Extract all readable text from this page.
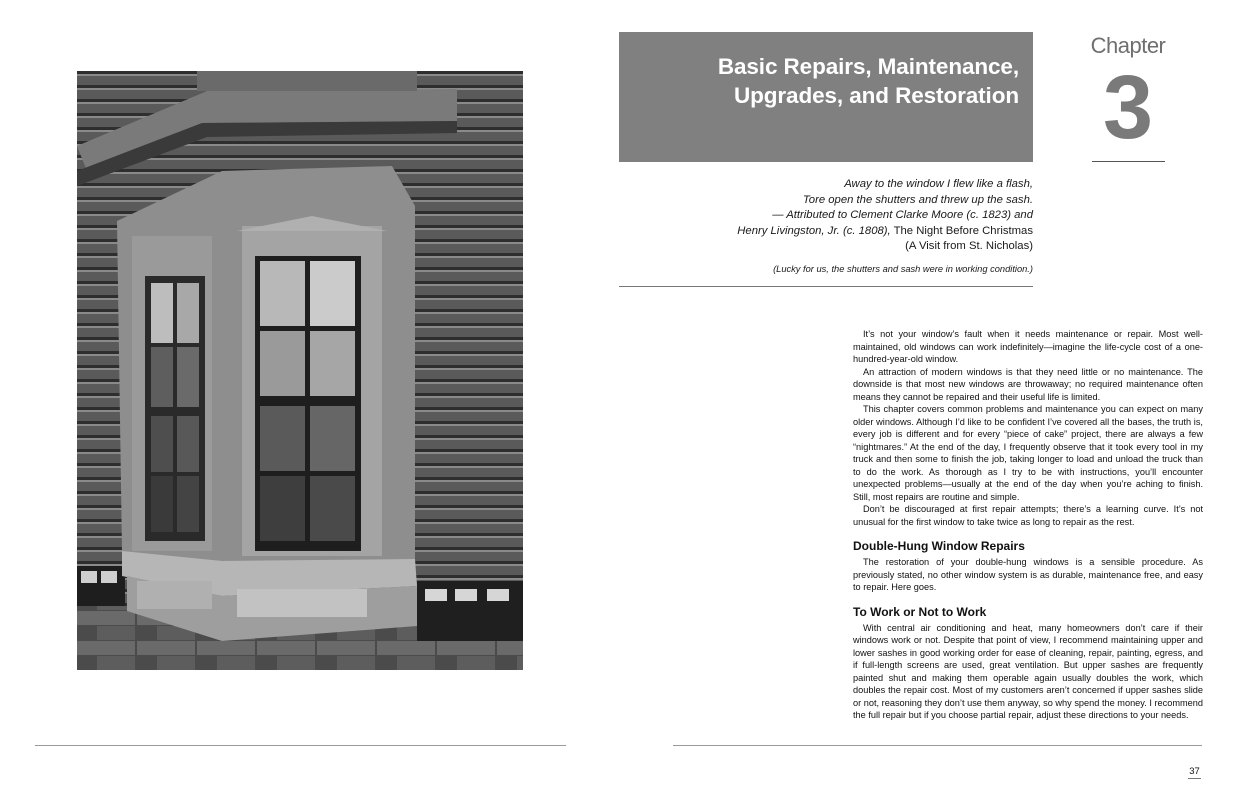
Basic Repairs, Maintenance,
Upgrades, and Restoration
Chapter
3
Away to the window I flew like a flash,
Tore open the shutters and threw up the sash.
— Attributed to Clement Clarke Moore (c. 1823) and
Henry Livingston, Jr. (c. 1808), The Night Before Christmas
(A Visit from St. Nicholas)
(Lucky for us, the shutters and sash were in working condition.)

It’s not your window’s fault when it needs maintenance or repair. Most well-maintained, old windows can work indefinitely—imagine the life-cycle cost of a one-hundred-year-old window.

An attraction of modern windows is that they need little or no maintenance. The downside is that most new windows are throwaway; no required maintenance often means they cannot be repaired and their useful life is limited.

This chapter covers common problems and maintenance you can expect on many older windows. Although I’d like to be confident I’ve covered all the bases, the truth is, every job is different and for every “piece of cake” project, there are always a few “nightmares.” At the end of the day, I frequently observe that it took every tool in my truck and then some to finish the job, taking longer to load and unload the truck than to do the work. As thorough as I try to be with instructions, you’ll encounter unexpected problems—usually at the end of the day when you’re aching to finish. Still, most repairs are routine and simple.

Don’t be discouraged at first repair attempts; there’s a learning curve. It’s not unusual for the first window to take twice as long to repair as the rest.

Double-Hung Window Repairs

The restoration of your double-hung windows is a sensible procedure. As previously stated, no other window system is as durable, maintenance free, and easy to repair. Here goes.

To Work or Not to Work

With central air conditioning and heat, many homeowners don’t care if their windows work or not. Despite that point of view, I recommend maintaining upper and lower sashes in good working order for ease of cleaning, repair, painting, egress, and if full-length screens are used, great ventilation. But upper sashes are frequently painted shut and making them operable again usually doubles the work, which doubles the repair cost. Most of my customers aren’t concerned if upper sashes slide or not, reasoning they don’t use them anyway, so why spend the money. I recommend the full repair but if you choose partial repair, adjust these directions to your needs.

37
